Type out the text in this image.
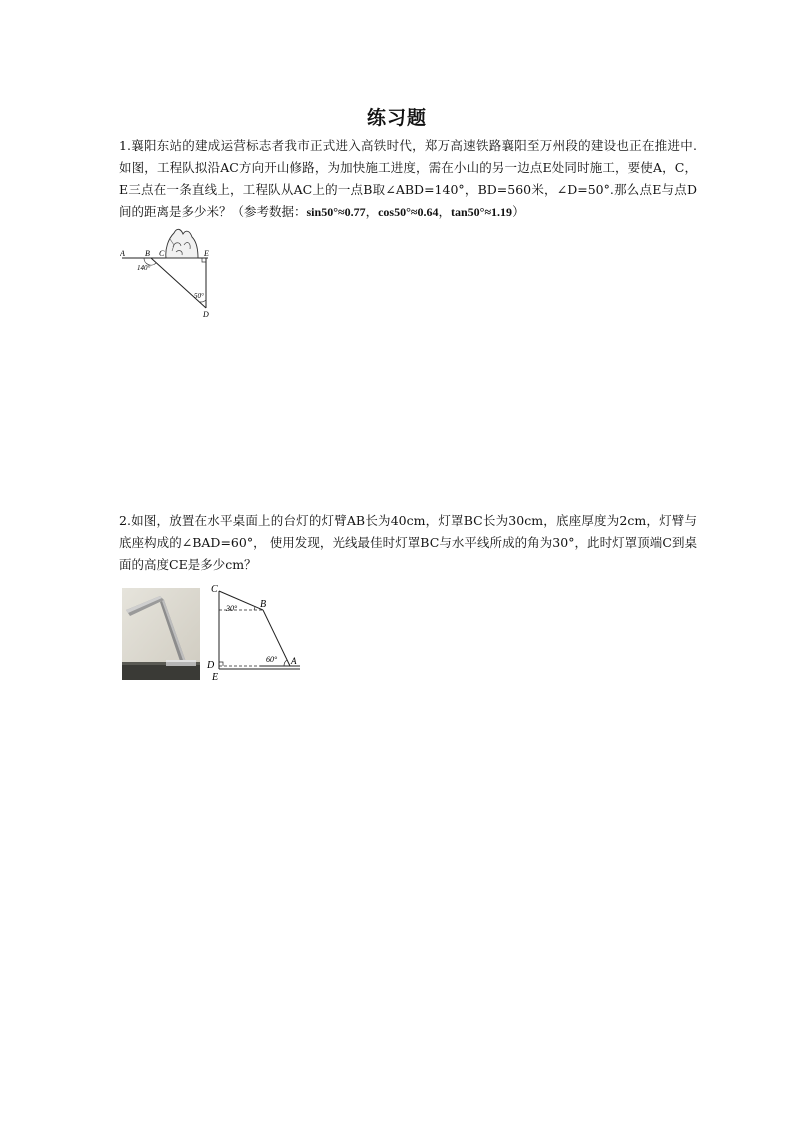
练习题
1.襄阳东站的建成运营标志者我市正式进入高铁时代，郑万高速铁路襄阳至万州段的建设也正在推进中.如图，工程队拟沿AC方向开山修路，为加快施工进度，需在小山的另一边点E处同时施工，要使A，C，E三点在一条直线上，工程队从AC上的一点B取∠ABD=140°，BD=560米，∠D=50°.那么点E与点D间的距离是多少米？（参考数据：sin50°≈0.77，cos50°≈0.64，tan50°≈1.19）
A	B C	E
D
140°
50°
2.如图，放置在水平桌面上的台灯的灯臂AB长为40cm，灯罩BC长为30cm，底座厚度为2cm，灯臂与底座构成的∠BAD=60°， 使用发现，光线最佳时灯罩BC与水平线所成的角为30°，此时灯罩顶端C到桌面的高度CE是多少cm？
C
B
A
D
E
30°
60°
